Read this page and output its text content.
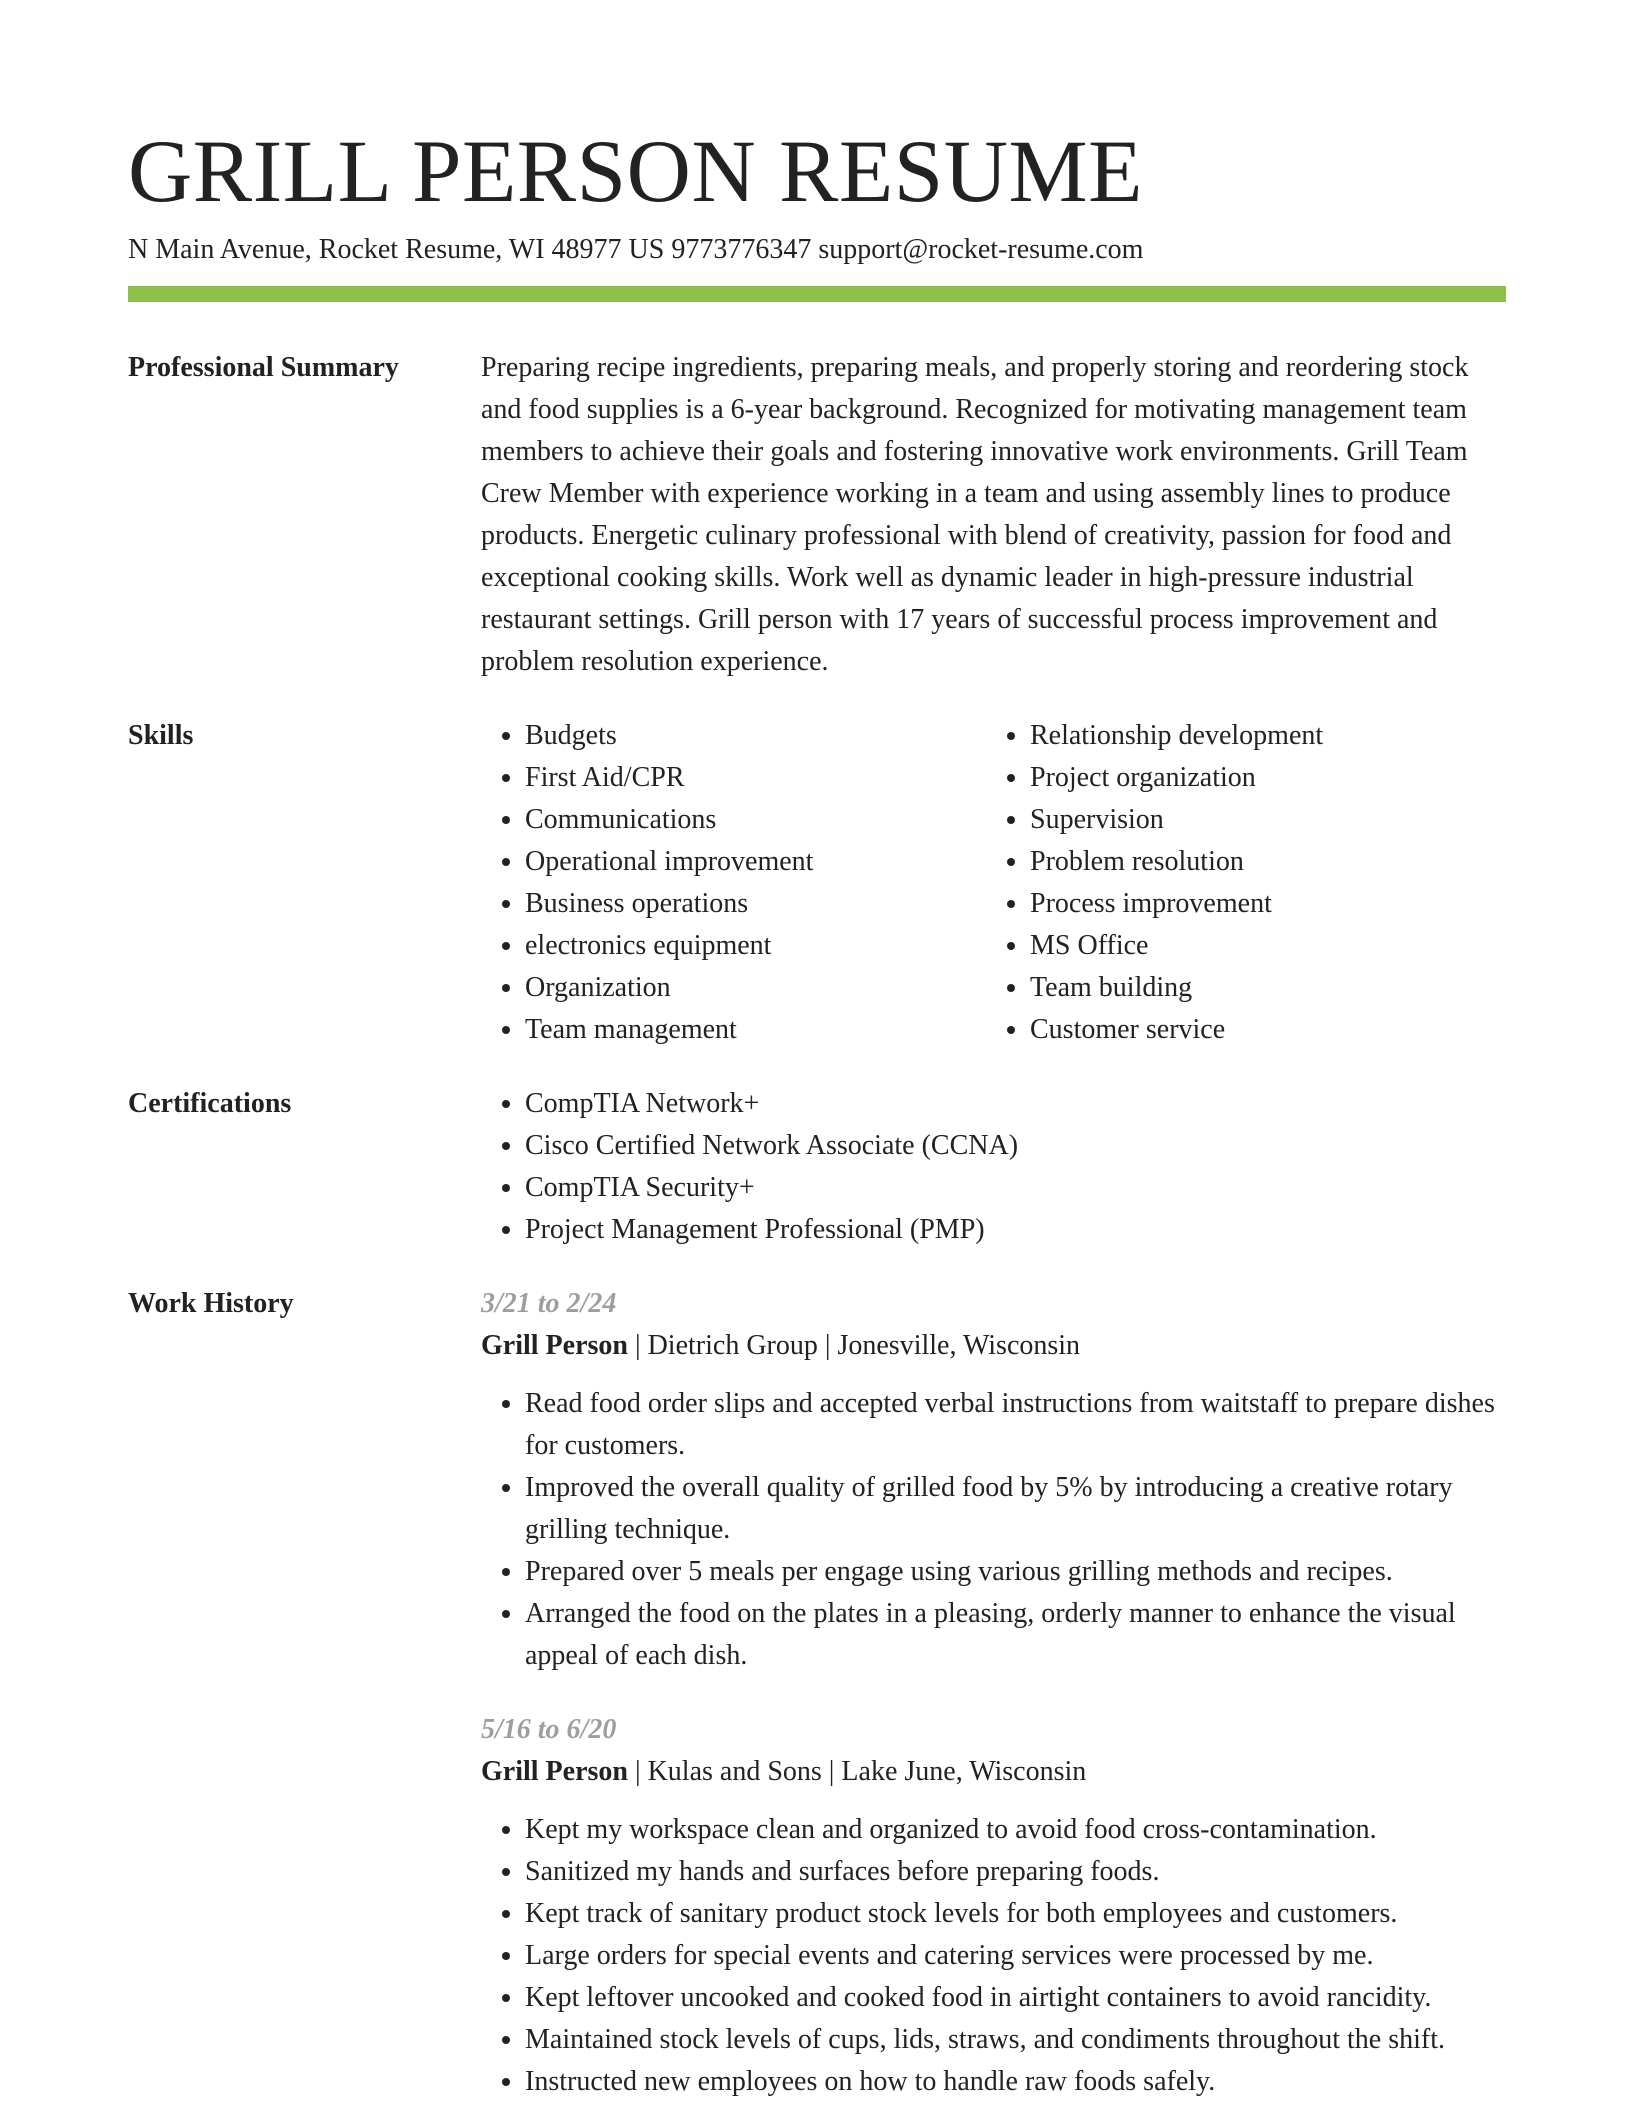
GRILL PERSON RESUME
N Main Avenue, Rocket Resume, WI 48977 US 9773776347 support@rocket-resume.com
Professional Summary	Preparing recipe ingredients, preparing meals, and properly storing and reordering stock and food supplies is a 6-year background. Recognized for motivating management team members to achieve their goals and fostering innovative work environments. Grill Team Crew Member with experience working in a team and using assembly lines to produce products. Energetic culinary professional with blend of creativity, passion for food and exceptional cooking skills. Work well as dynamic leader in high-pressure industrial restaurant settings. Grill person with 17 years of successful process improvement and problem resolution experience.

Skills	• Budgets
• First Aid/CPR
• Communications
• Operational improvement
• Business operations
• electronics equipment
• Organization
• Team management
• Relationship development
• Project organization
• Supervision
• Problem resolution
• Process improvement
• MS Office
• Team building
• Customer service
Certifications	• CompTIA Network+
• Cisco Certified Network Associate (CCNA)
• CompTIA Security+
• Project Management Professional (PMP)
Work History	3/21 to 2/24

Grill Person | Dietrich Group | Jonesville, Wisconsin

• Read food order slips and accepted verbal instructions from waitstaff to prepare dishes for customers.
• Improved the overall quality of grilled food by 5% by introducing a creative rotary grilling technique.
• Prepared over 5 meals per engage using various grilling methods and recipes.
• Arranged the food on the plates in a pleasing, orderly manner to enhance the visual appeal of each dish.

5/16 to 6/20

Grill Person | Kulas and Sons | Lake June, Wisconsin

• Kept my workspace clean and organized to avoid food cross-contamination.
• Sanitized my hands and surfaces before preparing foods.
• Kept track of sanitary product stock levels for both employees and customers.
• Large orders for special events and catering services were processed by me.
• Kept leftover uncooked and cooked food in airtight containers to avoid rancidity.
• Maintained stock levels of cups, lids, straws, and condiments throughout the shift.
• Instructed new employees on how to handle raw foods safely.
